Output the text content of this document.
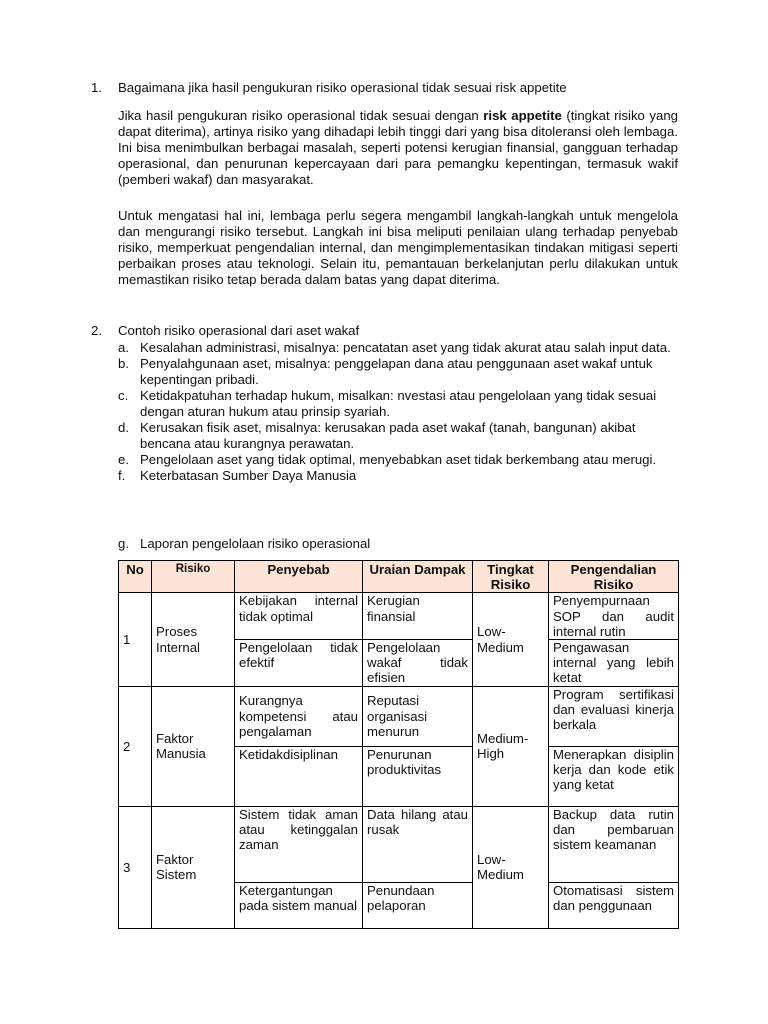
1. Bagaimana jika hasil pengukuran risiko operasional tidak sesuai risk appetite

Jika hasil pengukuran risiko operasional tidak sesuai dengan risk appetite (tingkat risiko yang dapat diterima), artinya risiko yang dihadapi lebih tinggi dari yang bisa ditoleransi oleh lembaga. Ini bisa menimbulkan berbagai masalah, seperti potensi kerugian finansial, gangguan terhadap operasional, dan penurunan kepercayaan dari para pemangku kepentingan, termasuk wakif (pemberi wakaf) dan masyarakat.

Untuk mengatasi hal ini, lembaga perlu segera mengambil langkah-langkah untuk mengelola dan mengurangi risiko tersebut. Langkah ini bisa meliputi penilaian ulang terhadap penyebab risiko, memperkuat pengendalian internal, dan mengimplementasikan tindakan mitigasi seperti perbaikan proses atau teknologi. Selain itu, pemantauan berkelanjutan perlu dilakukan untuk memastikan risiko tetap berada dalam batas yang dapat diterima.

2. Contoh risiko operasional dari aset wakaf
a. Kesalahan administrasi, misalnya: pencatatan aset yang tidak akurat atau salah input data.
b. Penyalahgunaan aset, misalnya: penggelapan dana atau penggunaan aset wakaf untuk kepentingan pribadi.
c. Ketidakpatuhan terhadap hukum, misalkan: nvestasi atau pengelolaan yang tidak sesuai dengan aturan hukum atau prinsip syariah.
d. Kerusakan fisik aset, misalnya: kerusakan pada aset wakaf (tanah, bangunan) akibat bencana atau kurangnya perawatan.
e. Pengelolaan aset yang tidak optimal, menyebabkan aset tidak berkembang atau merugi.
f. Keterbatasan Sumber Daya Manusia
g. Laporan pengelolaan risiko operasional
No	Risiko	Penyebab	Uraian Dampak	Tingkat Risiko	Pengendalian Risiko
1	Proses Internal	Kebijakan internal tidak optimal	Kerugian finansial	Low-Medium	Penyempurnaan SOP dan audit internal rutin
		Pengelolaan tidak efektif	Pengelolaan wakaf tidak efisien		Pengawasan internal yang lebih ketat
2	Faktor Manusia	Kurangnya kompetensi atau pengalaman	Reputasi organisasi menurun	Medium-High	Program sertifikasi dan evaluasi kinerja berkala
		Ketidakdisiplinan	Penurunan produktivitas		Menerapkan disiplin kerja dan kode etik yang ketat
3	Faktor Sistem	Sistem tidak aman atau ketinggalan zaman	Data hilang atau rusak	Low-Medium	Backup data rutin dan pembaruan sistem keamanan
		Ketergantungan pada sistem manual	Penundaan pelaporan		Otomatisasi sistem dan penggunaan
